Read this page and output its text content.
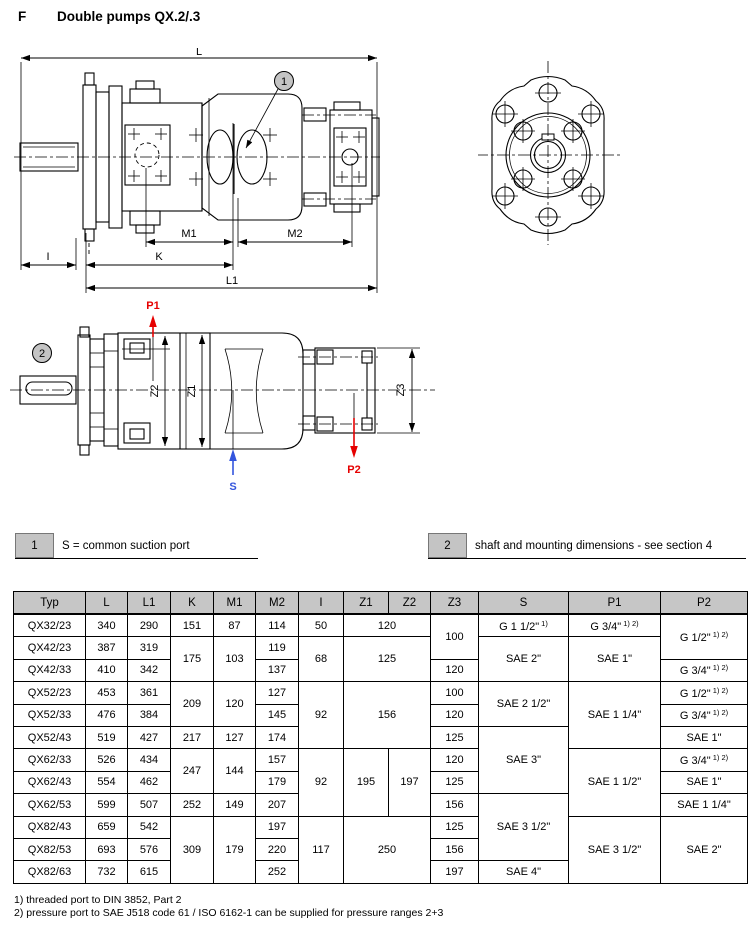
F Double pumps QX.2/.3
1
L
M1	M2
I	K
L1
2
P1
S
P2
Z2 Z1	Z3
1	S = common suction port	2	shaft and mounting dimensions - see section 4
Typ	L	L1	K	M1	M2	I	Z1	Z2	Z3	S	P1	P2	
QX32/23	340	290	151	87	114	50	120		100	G 1 1/2" $^{1)}$	G 3/4" $^{1) 2)}$	G 1/2" $^{1) 2)}$
QX42/23	387	319	175	103	119	68	125			SAE 2"	SAE 1"		
QX42/33	410	342			137				120			G 3/4" $^{1) 2)}$
QX52/23	453	361	209	120	127	92	156		100	SAE 2 1/2"	SAE 1 1/4"	G 1/2" $^{1) 2)}$
QX52/33	476	384			145				120			G 3/4" $^{1) 2)}$
QX52/43	519	427	217	127	174				125	SAE 3"		SAE 1"	
QX62/33	526	434	247	144	157	92	195	197	120		SAE 1 1/2"	G 3/4" $^{1) 2)}$
QX62/43	554	462			179				125			SAE 1"	
QX62/53	599	507	252	149	207				156	SAE 3 1/2"		SAE 1 1/4"	
QX82/43	659	542	309	179	197	117	250		125		SAE 3 1/2"	SAE 2"	
QX82/53	693	576			220				156	
QX82/63	732	615			252				197	SAE 4"	
1) threaded port to DIN 3852, Part 2
2) pressure port to SAE J518 code 61 / ISO 6162-1 can be supplied for pressure ranges 2+3
